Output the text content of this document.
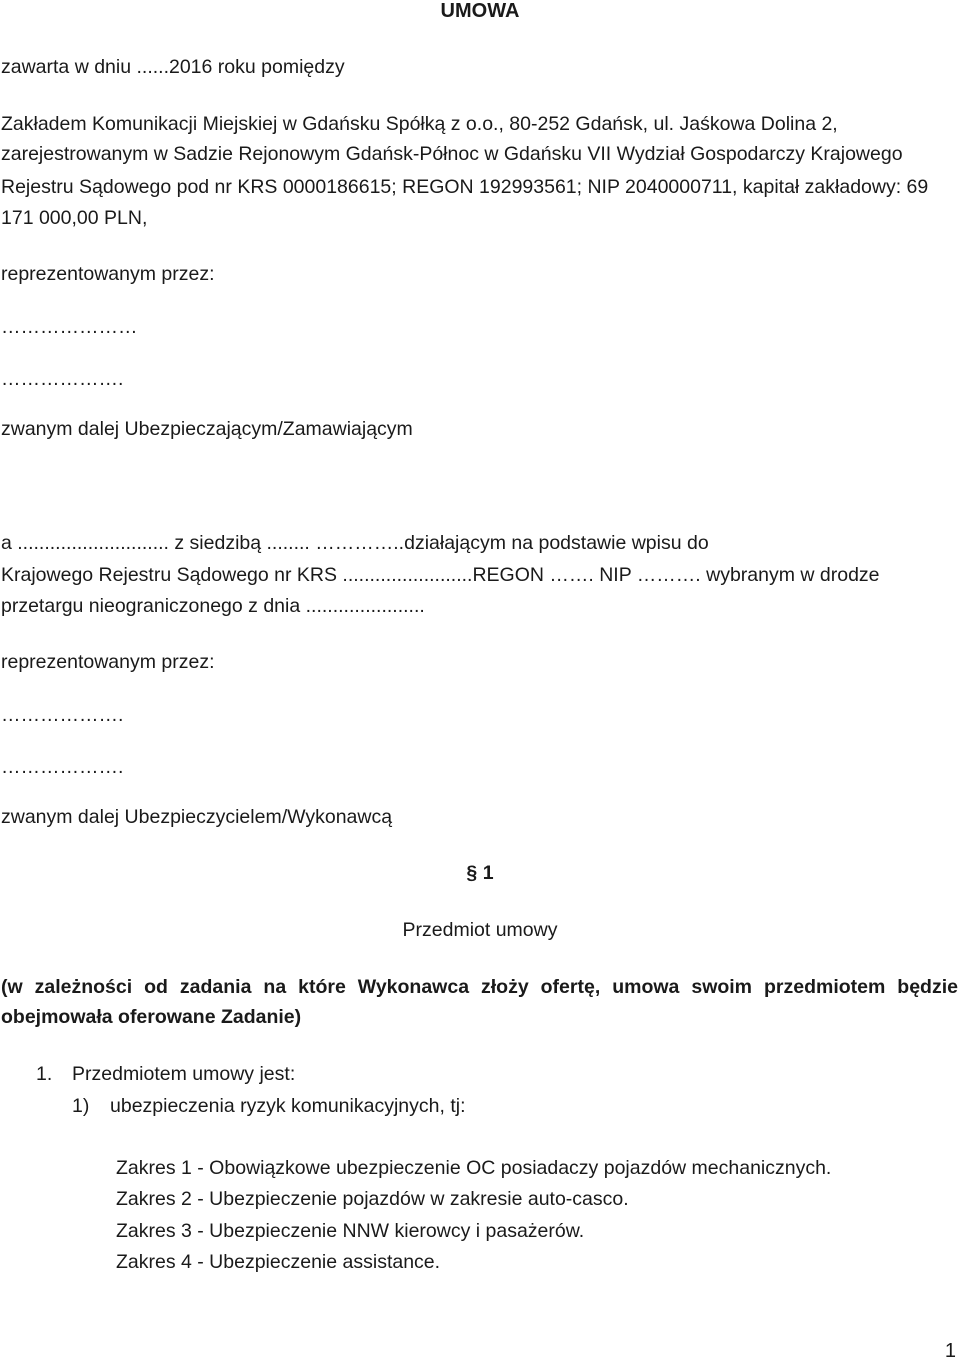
UMOWA
zawarta w dniu ......2016 roku pomiędzy
Zakładem Komunikacji Miejskiej w Gdańsku Spółką z o.o., 80-252 Gdańsk, ul. Jaśkowa Dolina 2,
zarejestrowanym w Sadzie Rejonowym Gdańsk-Północ w Gdańsku VII Wydział Gospodarczy Krajowego
Rejestru Sądowego pod nr KRS 0000186615; REGON 192993561; NIP 2040000711, kapitał zakładowy: 69
171 000,00 PLN,
reprezentowanym przez:
…………………
……………….
zwanym dalej Ubezpieczającym/Zamawiającym
a ............................ z siedzibą ........ …………..działającym na podstawie wpisu do
Krajowego Rejestru Sądowego nr KRS ........................REGON ……. NIP ………. wybranym w drodze
przetargu nieograniczonego z dnia ......................
reprezentowanym przez:
……………….
……………….
zwanym dalej Ubezpieczycielem/Wykonawcą
§ 1
Przedmiot umowy
(w zależności od zadania na które Wykonawca złoży ofertę, umowa swoim przedmiotem będzie obejmowała oferowane Zadanie)
1. Przedmiotem umowy jest:
1) ubezpieczenia ryzyk komunikacyjnych, tj:
Zakres 1 - Obowiązkowe ubezpieczenie OC posiadaczy pojazdów mechanicznych.
Zakres 2 - Ubezpieczenie pojazdów w zakresie auto-casco.
Zakres 3 - Ubezpieczenie NNW kierowcy i pasażerów.
Zakres 4 - Ubezpieczenie assistance.
1
